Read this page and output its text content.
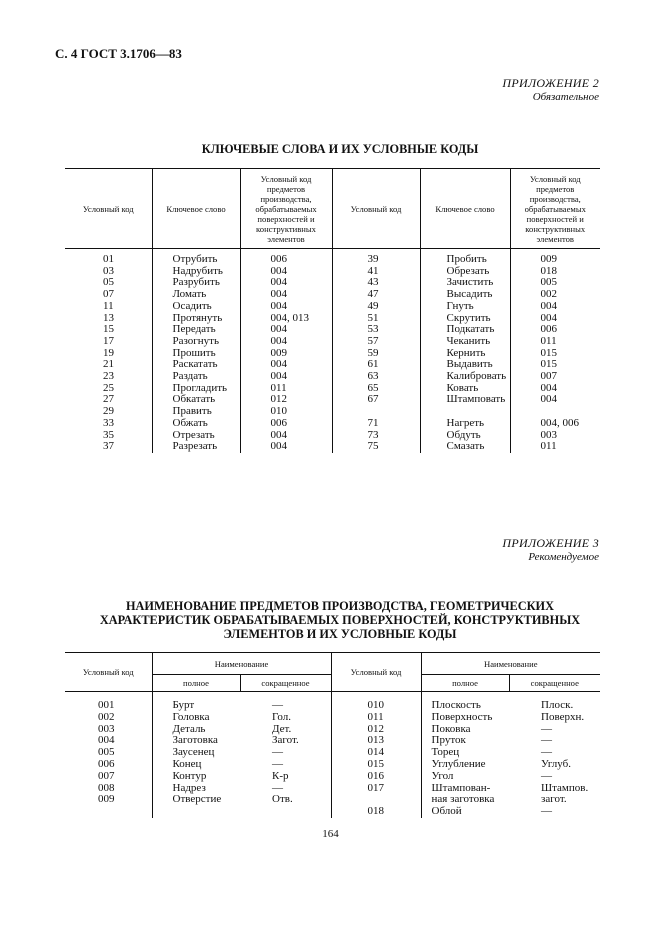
С. 4 ГОСТ 3.1706—83
ПРИЛОЖЕНИЕ 2
Обязательное
КЛЮЧЕВЫЕ СЛОВА И ИХ УСЛОВНЫЕ КОДЫ
Условный код	Ключевое слово	Условный код предметов производства, обрабатываемых поверхностей и конструктивных элементов	Условный код	Ключевое слово	Условный код предметов производства, обрабатываемых поверхностей и конструктивных элементов
01	Отрубить	006	39	Пробить	009
03	Надрубить	004	41	Обрезать	018
05	Разрубить	004	43	Зачистить	005
07	Ломать	004	47	Высадить	002
11	Осадить	004	49	Гнуть	004
13	Протянуть	004, 013	51	Скрутить	004
15	Передать	004	53	Подкатать	006
17	Разогнуть	004	57	Чеканить	011
19	Прошить	009	59	Кернить	015
21	Раскатать	004	61	Выдавить	015
23	Раздать	004	63	Калибровать	007
25	Прогладить	011	65	Ковать	004
27	Обкатать	012	67	Штамповать	004
29	Править	010			
33	Обжать	006	71	Нагреть	004, 006
35	Отрезать	004	73	Обдуть	003
37	Разрезать	004	75	Смазать	011
ПРИЛОЖЕНИЕ 3
Рекомендуемое
НАИМЕНОВАНИЕ ПРЕДМЕТОВ ПРОИЗВОДСТВА, ГЕОМЕТРИЧЕСКИХ
ХАРАКТЕРИСТИК ОБРАБАТЫВАЕМЫХ ПОВЕРХНОСТЕЙ, КОНСТРУКТИВНЫХ
ЭЛЕМЕНТОВ И ИХ УСЛОВНЫЕ КОДЫ
Условный код	Наименование		Условный код	Наименование	
	полное	сокращенное		полное	сокращенное
001	Бурт	—	010	Плоскость	Плоск.
002	Головка	Гол.	011	Поверхность	Поверхн.
003	Деталь	Дет.	012	Поковка	—
004	Заготовка	Загот.	013	Пруток	—
005	Заусенец	—	014	Торец	—
006	Конец	—	015	Углубление	Углуб.
007	Контур	К-р	016	Угол	—
008	Надрез	—	017	Штампован-	Штампов.
009	Отверстие	Отв.		ная заготовка	загот.
			018	Облой	—
164
